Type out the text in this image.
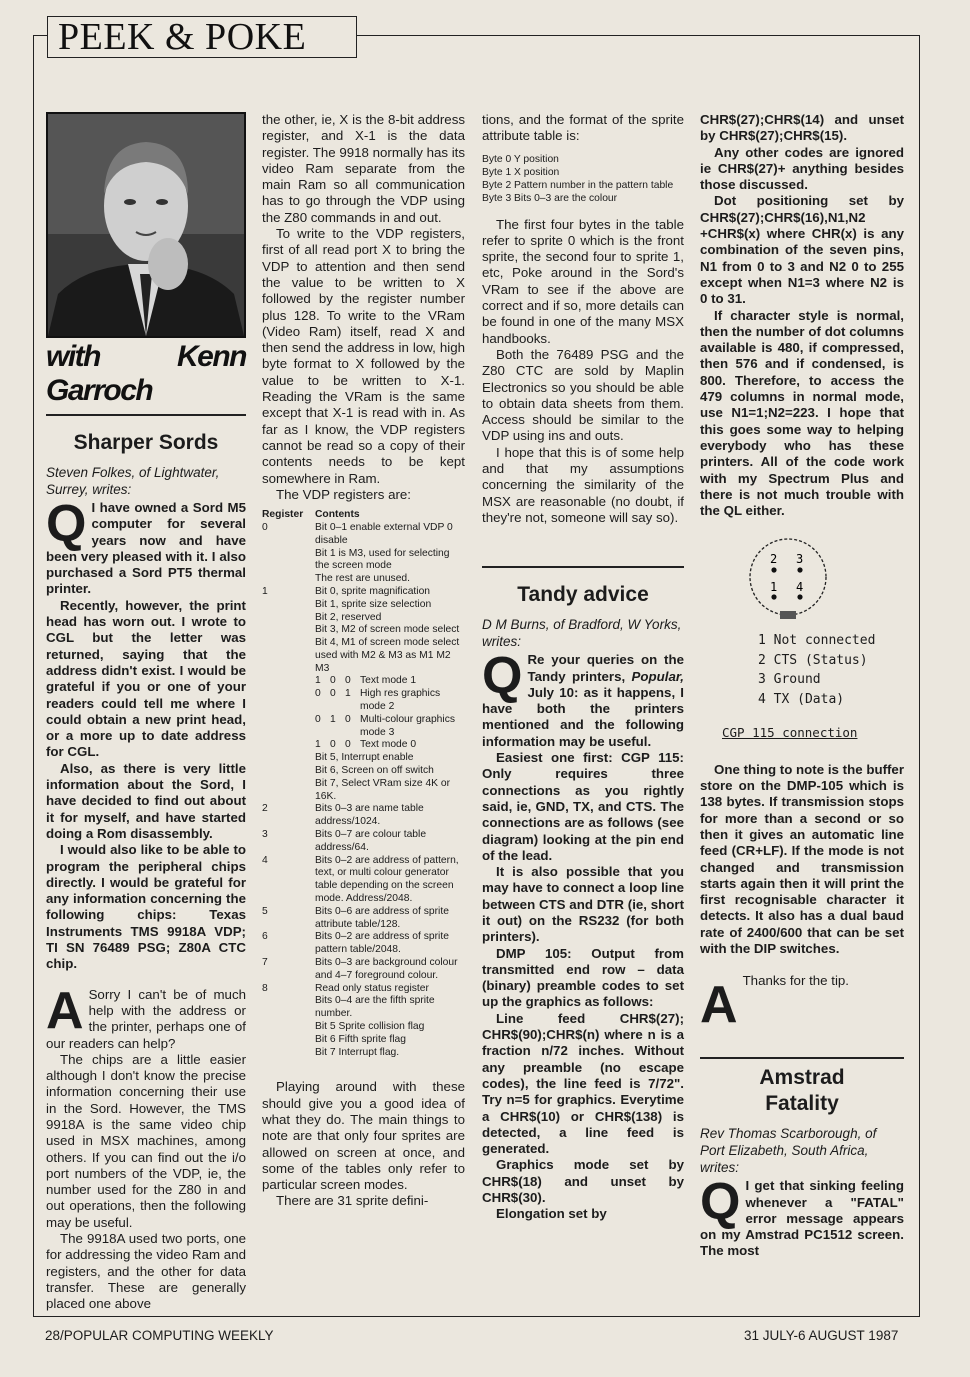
PEEK & POKE
with Kenn Garroch
Sharper Sords
Steven Folkes, of Lightwater, Surrey, writes:
Q I have owned a Sord M5 computer for several years now and have been very pleased with it. I also purchased a Sord PT5 thermal printer.

Recently, however, the print head has worn out. I wrote to CGL but the letter was returned, saying that the address didn't exist. I would be grateful if you or one of your readers could tell me where I could obtain a new print head, or a more up to date address for CGL.

Also, as there is very little information about the Sord, I have decided to find out about it for myself, and have started doing a Rom disassembly.

I would also like to be able to program the peripheral chips directly. I would be grateful for any information concerning the following chips: Texas Instruments TMS 9918A VDP; TI SN 76489 PSG; Z80A CTC chip.

A Sorry I can't be of much help with the address or the printer, perhaps one of our readers can help?

The chips are a little easier although I don't know the precise information concerning their use in the Sord. However, the TMS 9918A is the same video chip used in MSX machines, among others. If you can find out the i/o port numbers of the VDP, ie, the number used for the Z80 in and out operations, then the following may be useful.

The 9918A used two ports, one for addressing the video Ram and registers, and the other for data transfer. These are generally placed one above

the other, ie, X is the 8-bit address register, and X-1 is the data register. The 9918 normally has its video Ram separate from the main Ram so all communication has to go through the VDP using the Z80 commands in and out.

To write to the VDP registers, first of all read port X to bring the VDP to attention and then send the value to be written to X followed by the register number plus 128. To write to the VRam (Video Ram) itself, read X and then send the address in low, high byte format to X followed by the value to be written to X-1. Reading the VRam is the same except that X-1 is read with in. As far as I know, the VDP registers cannot be read so a copy of their contents needs to be kept somewhere in Ram.

The VDP registers are:

Register	Contents
0	Bit 0–1 enable external VDP 0 disable
Bit 1 is M3, used for selecting the screen mode
The rest are unused.
1	Bit 0, sprite magnification
Bit 1, sprite size selection
Bit 2, reserved
Bit 3, M2 of screen mode select
Bit 4, M1 of screen mode select used with M2 & M3 as M1 M2 M3
1 0 0 Text mode 1
0 0 1 High res graphics mode 2
0 1 0 Multi-colour graphics mode 3
1 0 0 Text mode 0
Bit 5, Interrupt enable
Bit 6, Screen on off switch
Bit 7, Select VRam size 4K or 16K.
2	Bits 0–3 are name table address/1024.
3	Bits 0–7 are colour table address/64.
4	Bits 0–2 are address of pattern, text, or multi colour generator table depending on the screen mode. Address/2048.
5	Bits 0–6 are address of sprite attribute table/128.
6	Bits 0–2 are address of sprite pattern table/2048.
7	Bits 0–3 are background colour and 4–7 foreground colour.
8	Read only status register
Bits 0–4 are the fifth sprite number.
Bit 5 Sprite collision flag
Bit 6 Fifth sprite flag
Bit 7 Interrupt flag.

Playing around with these should give you a good idea of what they do. The main things to note are that only four sprites are allowed on screen at once, and some of the tables only refer to particular screen modes.

There are 31 sprite defini-

tions, and the format of the sprite attribute table is:

Byte 0 Y position
Byte 1 X position
Byte 2 Pattern number in the pattern table
Byte 3 Bits 0–3 are the colour

The first four bytes in the table refer to sprite 0 which is the front sprite, the second four to sprite 1, etc, Poke around in the Sord's VRam to see if the above are correct and if so, more details can be found in one of the many MSX handbooks.

Both the 76489 PSG and the Z80 CTC are sold by Maplin Electronics so you should be able to obtain data sheets from them. Access should be similar to the VDP using ins and outs.

I hope that this is of some help and that my assumptions concerning the similarity of the MSX are reasonable (no doubt, if they're not, someone will say so).

Tandy advice
D M Burns, of Bradford, W Yorks, writes:
Q Re your queries on the Tandy printers, Popular, July 10: as it happens, I have both the printers mentioned and the following information may be useful.

Easiest one first: CGP 115: Only requires three connections as you rightly said, ie, GND, TX, and CTS. The connections are as follows (see diagram) looking at the pin end of the lead.

It is also possible that you may have to connect a loop line between CTS and DTR (ie, short it out) on the RS232 (for both printers).

DMP 105: Output from transmitted end row – data (binary) preamble codes to set up the graphics as follows:

Line feed CHR$(27); CHR$(90);CHR$(n) where n is a fraction n/72 inches. Without any preamble (no escape codes), the line feed is 7/72". Try n=5 for graphics. Everytime a CHR$(10) or CHR$(138) is detected, a line feed is generated.

Graphics mode set by CHR$(18) and unset by CHR$(30).

Elongation set by

CHR$(27);CHR$(14) and unset by CHR$(27);CHR$(15).

Any other codes are ignored ie CHR$(27)+ anything besides those discussed.

Dot positioning set by CHR$(27);CHR$(16),N1,N2 +CHR$(x) where CHR(x) is any combination of the seven pins, N1 from 0 to 3 and N2 0 to 255 except when N1=3 where N2 is 0 to 31.

If character style is normal, then the number of dot columns available is 480, if compressed, then 576 and if condensed, is 800. Therefore, to access the 479 columns in normal mode, use N1=1;N2=223. I hope that this goes some way to helping everybody who has these printers. All of the code work with my Spectrum Plus and there is not much trouble with the QL either.

2 3
1 4
1 Not connected
2 CTS (Status)
3 Ground
4 TX (Data)
CGP 115 connection

One thing to note is the buffer store on the DMP-105 which is 138 bytes. If transmission stops for more than a second or so then it gives an automatic line feed (CR+LF). If the mode is not changed and transmission starts again then it will print the first recognisable character it detects. It also has a dual baud rate of 2400/600 that can be set with the DIP switches.

A Thanks for the tip.

Amstrad Fatality
Rev Thomas Scarborough, of Port Elizabeth, South Africa, writes:
Q I get that sinking feeling whenever a "FATAL" error message appears on my Amstrad PC1512 screen. The most

28/POPULAR COMPUTING WEEKLY	31 JULY-6 AUGUST 1987
